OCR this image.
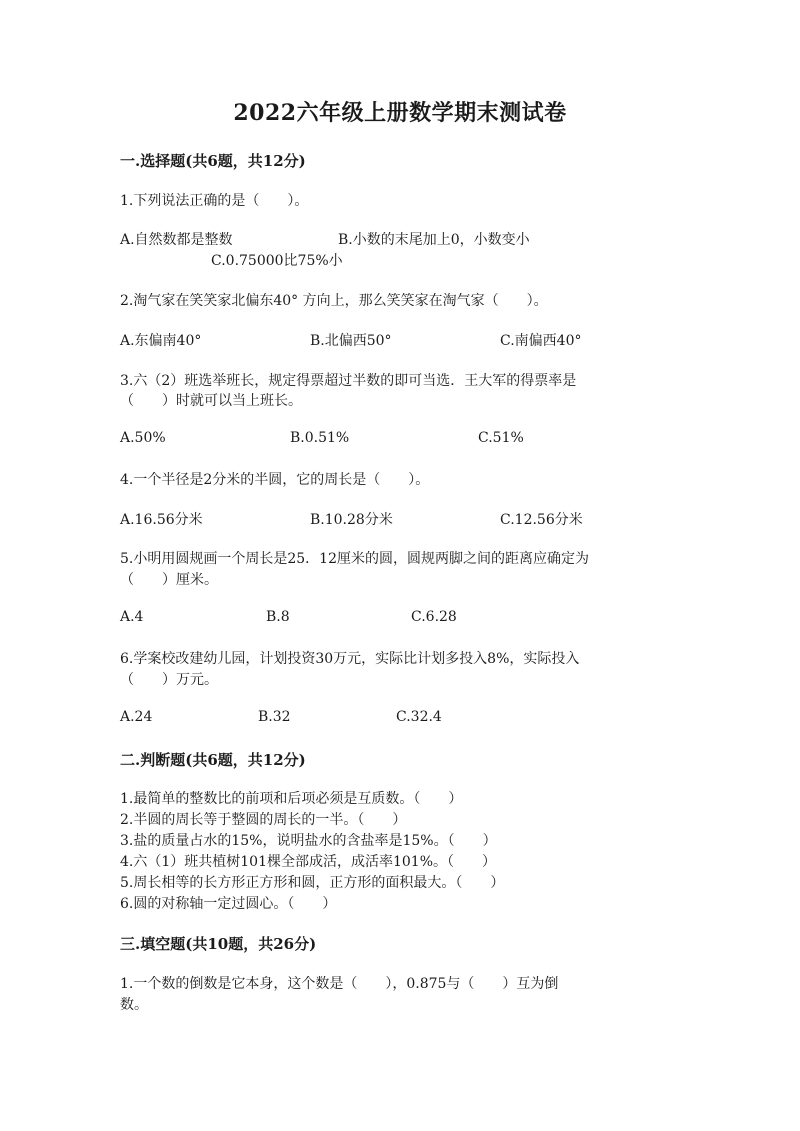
2022六年级上册数学期末测试卷
一.选择题(共6题，共12分)
1.下列说法正确的是（　　）。
A.自然数都是整数	B.小数的末尾加上0，小数变小
C.0.75000比75%小
2.淘气家在笑笑家北偏东40° 方向上，那么笑笑家在淘气家（　　）。
A.东偏南40°	B.北偏西50°	C.南偏西40°
3.六（2）班选举班长，规定得票超过半数的即可当选．王大军的得票率是
（　　）时就可以当上班长。
A.50%	B.0.51%	C.51%
4.一个半径是2分米的半圆，它的周长是（　　）。
A.16.56分米	B.10.28分米	C.12.56分米
5.小明用圆规画一个周长是25．12厘米的圆，圆规两脚之间的距离应确定为
（　　）厘米。
A.4	B.8	C.6.28
6.学案校改建幼儿园，计划投资30万元，实际比计划多投入8%，实际投入
（　　）万元。
A.24	B.32	C.32.4
二.判断题(共6题，共12分)
1.最简单的整数比的前项和后项必须是互质数。（　　）
2.半圆的周长等于整圆的周长的一半。（　　）
3.盐的质量占水的15%，说明盐水的含盐率是15%。（　　）
4.六（1）班共植树101棵全部成活，成活率101%。（　　）
5.周长相等的长方形正方形和圆，正方形的面积最大。（　　）
6.圆的对称轴一定过圆心。（　　）
三.填空题(共10题，共26分)
1.一个数的倒数是它本身，这个数是（　　），0.875与（　　）互为倒
数。
